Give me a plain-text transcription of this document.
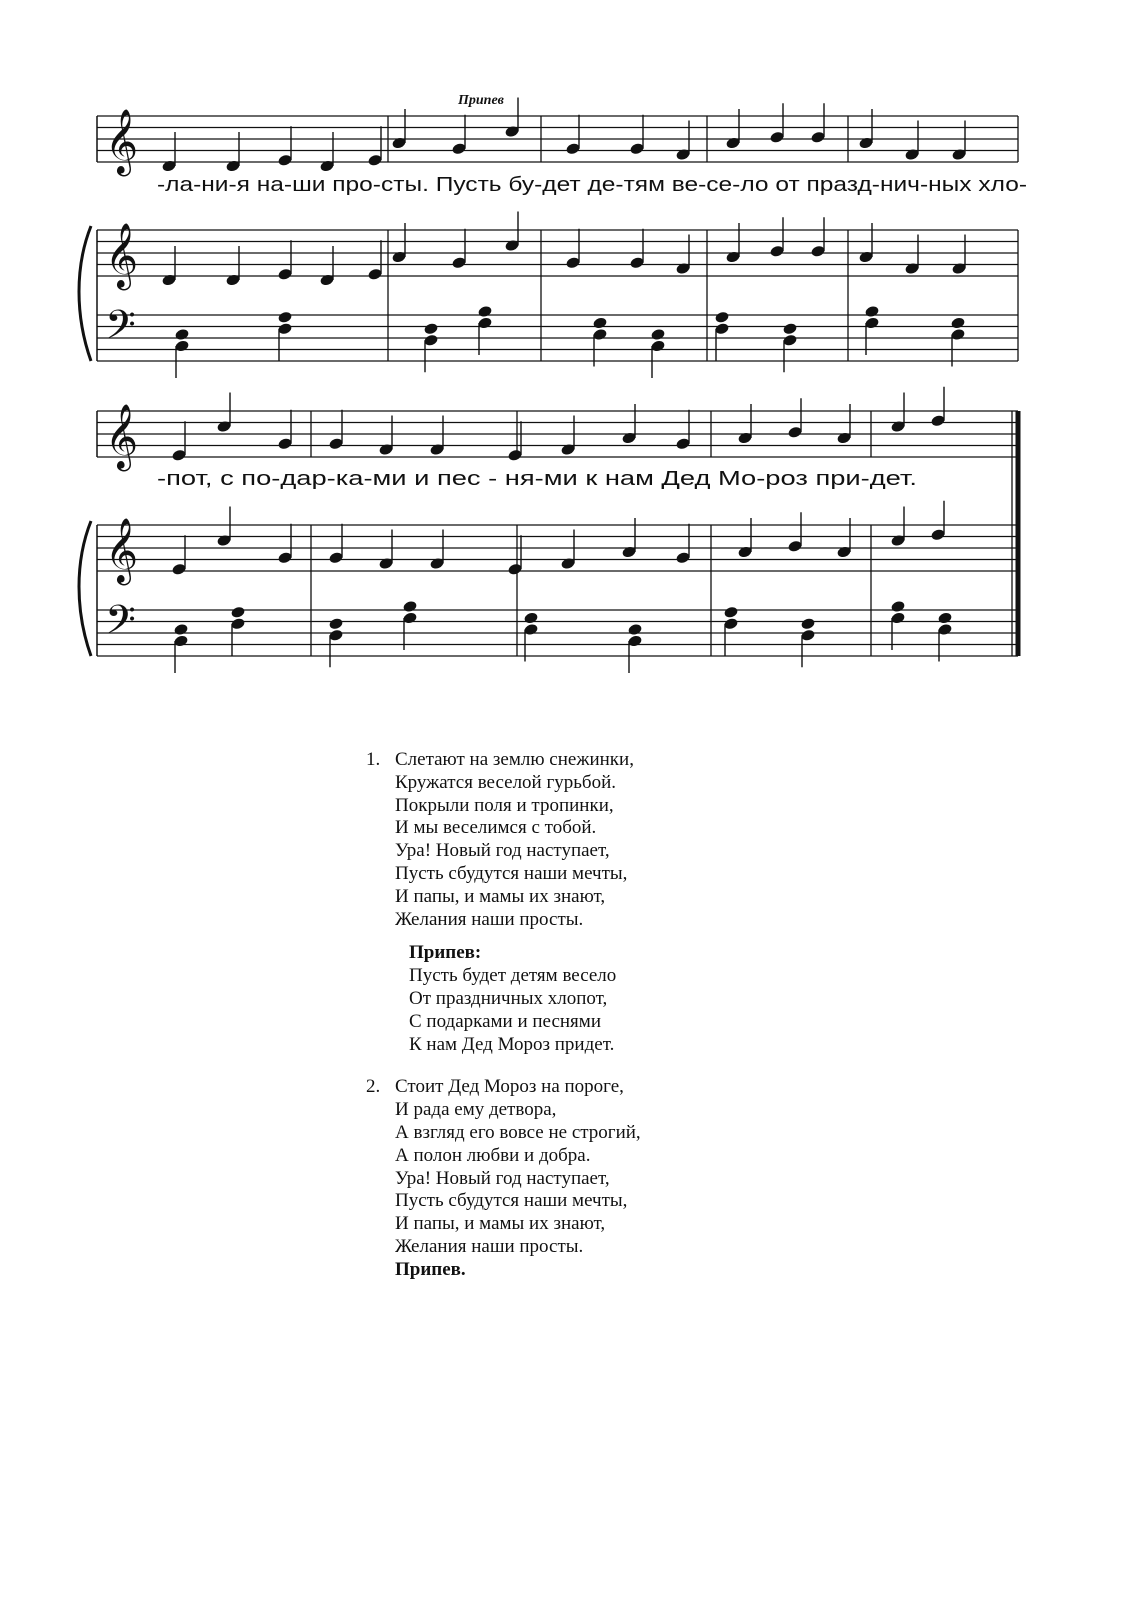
𝄞
𝄞
𝄢
𝄞
𝄞
𝄢
Припев
-ла-ни-я на-ши про-сты. Пусть бу-дет де-тям ве-се-ло от празд-нич-ных хло-
-пот, с по-дар-ка-ми и пес - ня-ми к нам Дед Мо-роз при-дет.
1. Слетают на землю снежинки,

Кружатся веселой гурьбой.

Покрыли поля и тропинки,

И мы веселимся с тобой.

Ура! Новый год наступает,

Пусть сбудутся наши мечты,

И папы, и мамы их знают,

Желания наши просты.

Припев:

Пусть будет детям весело

От праздничных хлопот,

С подарками и песнями

К нам Дед Мороз придет.

2. Стоит Дед Мороз на пороге,

И рада ему детвора,

А взгляд его вовсе не строгий,

А полон любви и добра.

Ура! Новый год наступает,

Пусть сбудутся наши мечты,

И папы, и мамы их знают,

Желания наши просты.

Припев.
